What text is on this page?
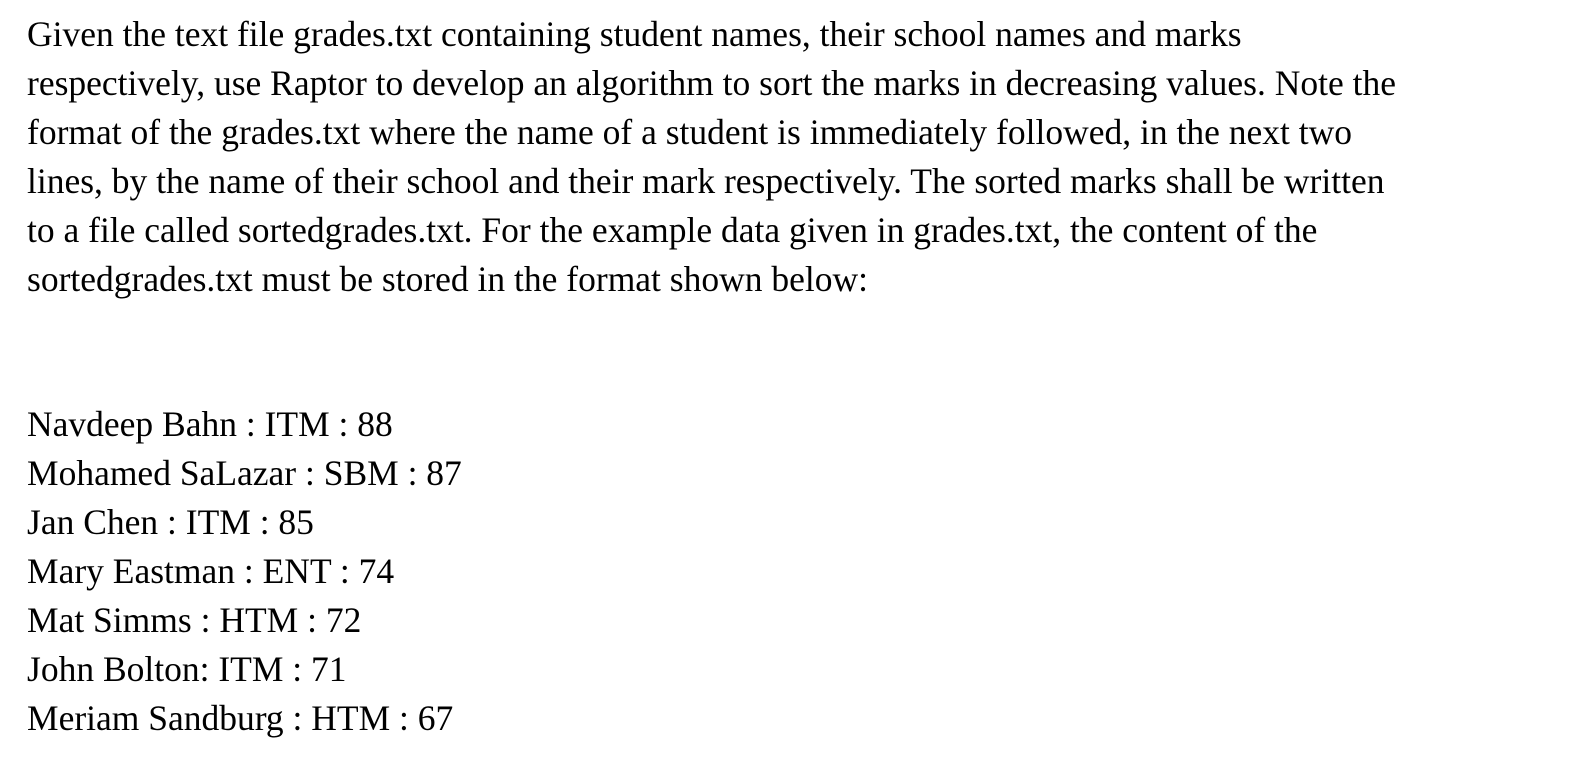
Given the text file grades.txt containing student names, their school names and marks
respectively, use Raptor to develop an algorithm to sort the marks in decreasing values. Note the
format of the grades.txt where the name of a student is immediately followed, in the next two
lines, by the name of their school and their mark respectively. The sorted marks shall be written
to a file called sortedgrades.txt. For the example data given in grades.txt, the content of the
sortedgrades.txt must be stored in the format shown below:
Navdeep Bahn : ITM : 88
Mohamed SaLazar : SBM : 87
Jan Chen : ITM : 85
Mary Eastman : ENT : 74
Mat Simms : HTM : 72
John Bolton: ITM : 71
Meriam Sandburg : HTM : 67
